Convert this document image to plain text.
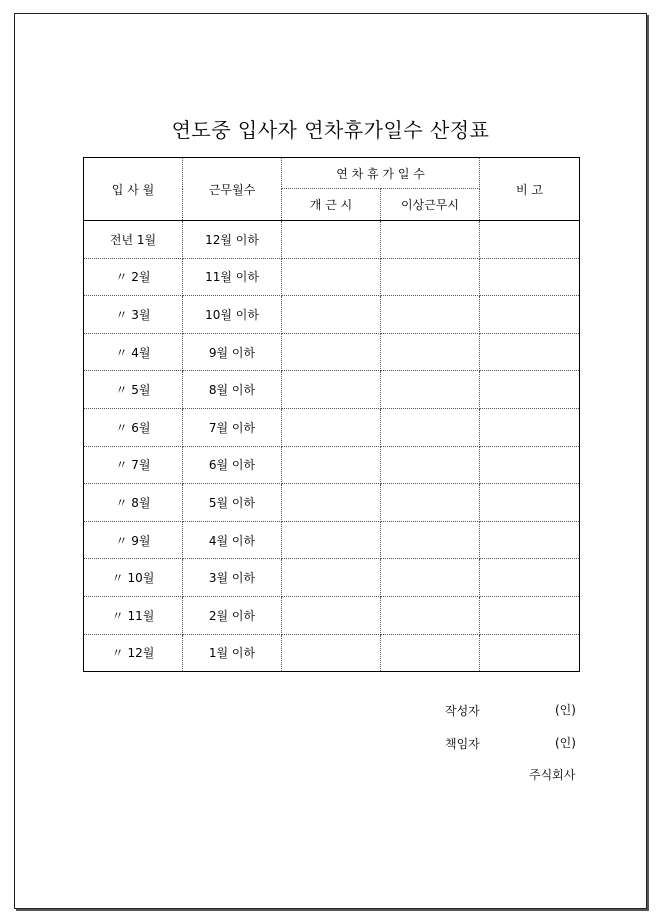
연도중 입사자 연차휴가일수 산정표
입 사 월	근무월수	연 차 휴 가 일 수		비 고
		개 근 시	이상근무시	
전년 1월	12월 이하			
〃 2월	11월 이하			
〃 3월	10월 이하			
〃 4월	9월 이하			
〃 5월	8월 이하			
〃 6월	7월 이하			
〃 7월	6월 이하			
〃 8월	5월 이하			
〃 9월	4월 이하			
〃 10월	3월 이하			
〃 11월	2월 이하			
〃 12월	1월 이하			
작성자	(인)
책임자	(인)
주식회사
